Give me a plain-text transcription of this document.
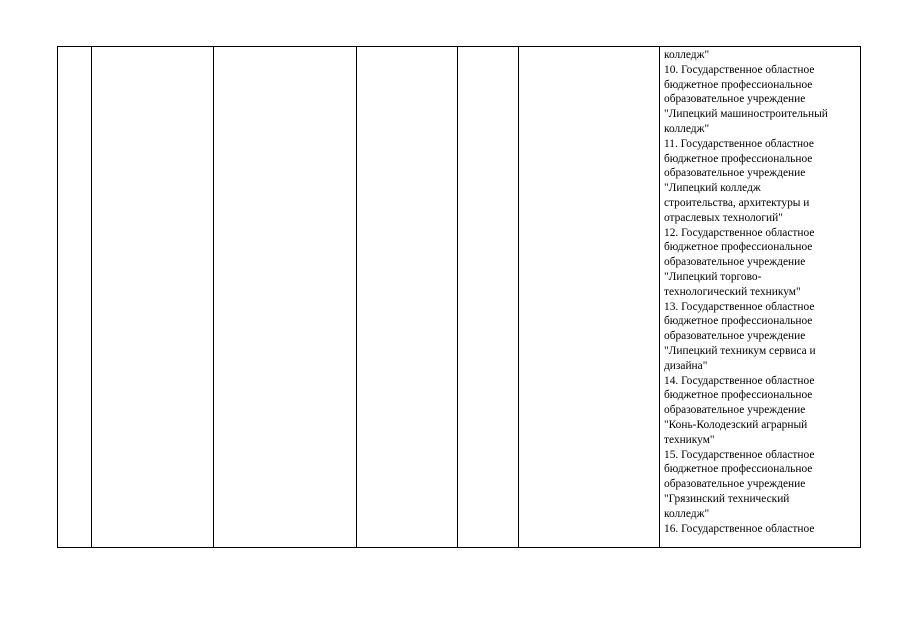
колледж"
10. Государственное областное
бюджетное профессиональное
образовательное учреждение
"Липецкий машиностроительный
колледж"
11. Государственное областное
бюджетное профессиональное
образовательное учреждение
"Липецкий колледж
строительства, архитектуры и
отраслевых технологий"
12. Государственное областное
бюджетное профессиональное
образовательное учреждение
"Липецкий торгово-
технологический техникум"
13. Государственное областное
бюджетное профессиональное
образовательное учреждение
"Липецкий техникум сервиса и
дизайна"
14. Государственное областное
бюджетное профессиональное
образовательное учреждение
"Конь-Колодезский аграрный
техникум"
15. Государственное областное
бюджетное профессиональное
образовательное учреждение
"Грязинский технический
колледж"
16. Государственное областное
